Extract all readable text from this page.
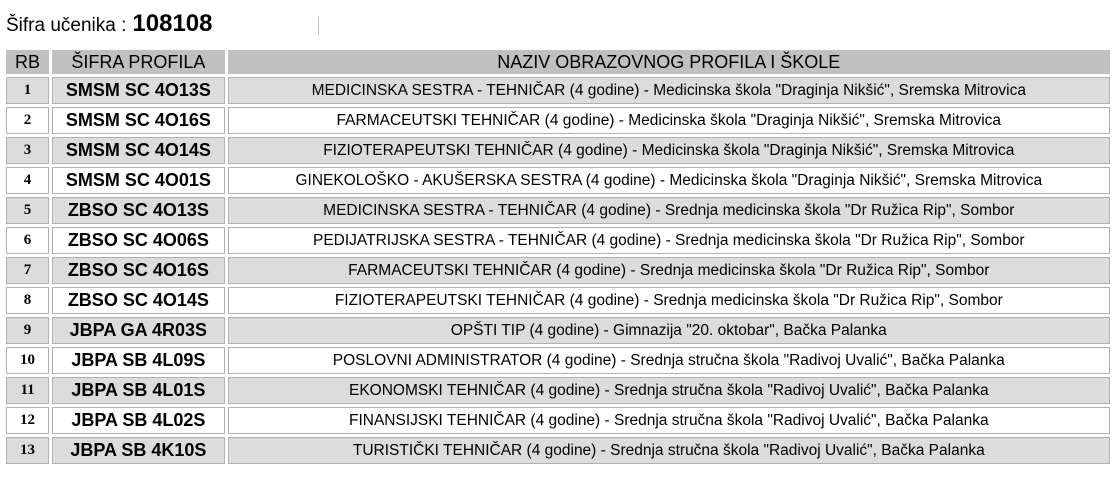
Šifra učenika : 108108
RB	ŠIFRA PROFILA	NAZIV OBRAZOVNOG PROFILA I ŠKOLE
1	SMSM SC 4O13S	MEDICINSKA SESTRA - TEHNIČAR (4 godine) - Medicinska škola "Draginja Nikšić", Sremska Mitrovica
2	SMSM SC 4O16S	FARMACEUTSKI TEHNIČAR (4 godine) - Medicinska škola "Draginja Nikšić", Sremska Mitrovica
3	SMSM SC 4O14S	FIZIOTERAPEUTSKI TEHNIČAR (4 godine) - Medicinska škola "Draginja Nikšić", Sremska Mitrovica
4	SMSM SC 4O01S	GINEKOLOŠKO - AKUŠERSKA SESTRA (4 godine) - Medicinska škola "Draginja Nikšić", Sremska Mitrovica
5	ZBSO SC 4O13S	MEDICINSKA SESTRA - TEHNIČAR (4 godine) - Srednja medicinska škola "Dr Ružica Rip", Sombor
6	ZBSO SC 4O06S	PEDIJATRIJSKA SESTRA - TEHNIČAR (4 godine) - Srednja medicinska škola "Dr Ružica Rip", Sombor
7	ZBSO SC 4O16S	FARMACEUTSKI TEHNIČAR (4 godine) - Srednja medicinska škola "Dr Ružica Rip", Sombor
8	ZBSO SC 4O14S	FIZIOTERAPEUTSKI TEHNIČAR (4 godine) - Srednja medicinska škola "Dr Ružica Rip", Sombor
9	JBPA GA 4R03S	OPŠTI TIP (4 godine) - Gimnazija "20. oktobar", Bačka Palanka
10	JBPA SB 4L09S	POSLOVNI ADMINISTRATOR (4 godine) - Srednja stručna škola "Radivoj Uvalić", Bačka Palanka
11	JBPA SB 4L01S	EKONOMSKI TEHNIČAR (4 godine) - Srednja stručna škola "Radivoj Uvalić", Bačka Palanka
12	JBPA SB 4L02S	FINANSIJSKI TEHNIČAR (4 godine) - Srednja stručna škola "Radivoj Uvalić", Bačka Palanka
13	JBPA SB 4K10S	TURISTIČKI TEHNIČAR (4 godine) - Srednja stručna škola "Radivoj Uvalić", Bačka Palanka
